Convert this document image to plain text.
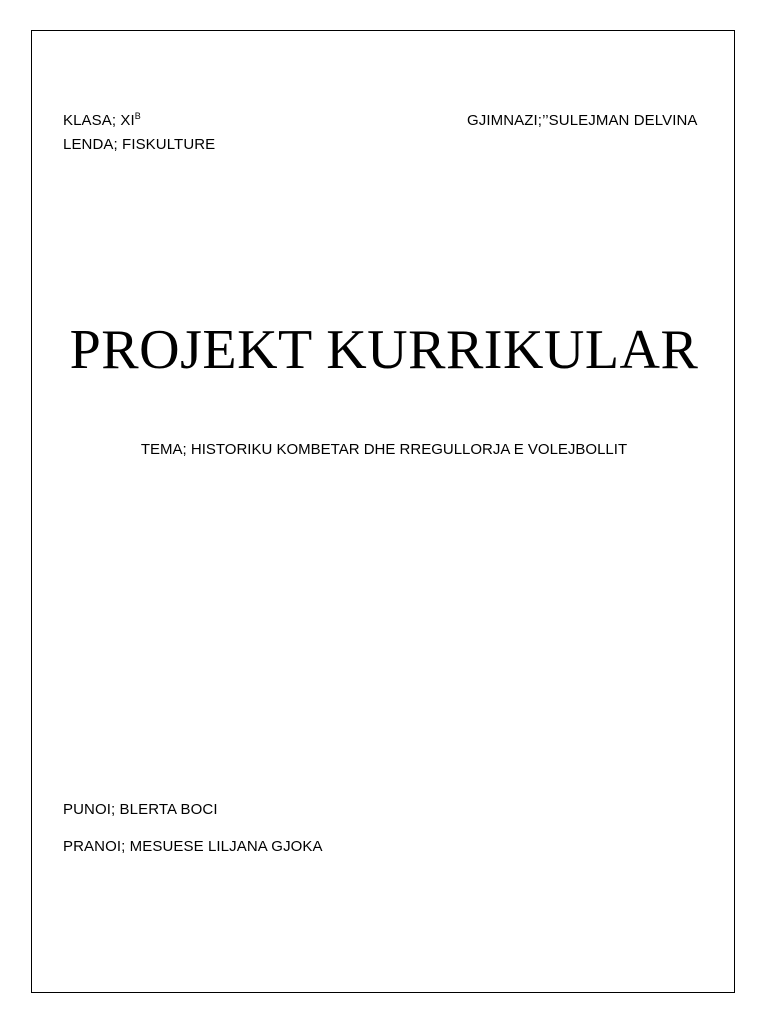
KLASA; $XI^B$
LENDA; FISKULTURE
GJIMNAZI;’’SULEJMAN DELVINA
PROJEKT KURRIKULAR
TEMA; HISTORIKU KOMBETAR DHE RREGULLORJA E VOLEJBOLLIT
PUNOI; BLERTA BOCI
PRANOI; MESUESE LILJANA GJOKA
